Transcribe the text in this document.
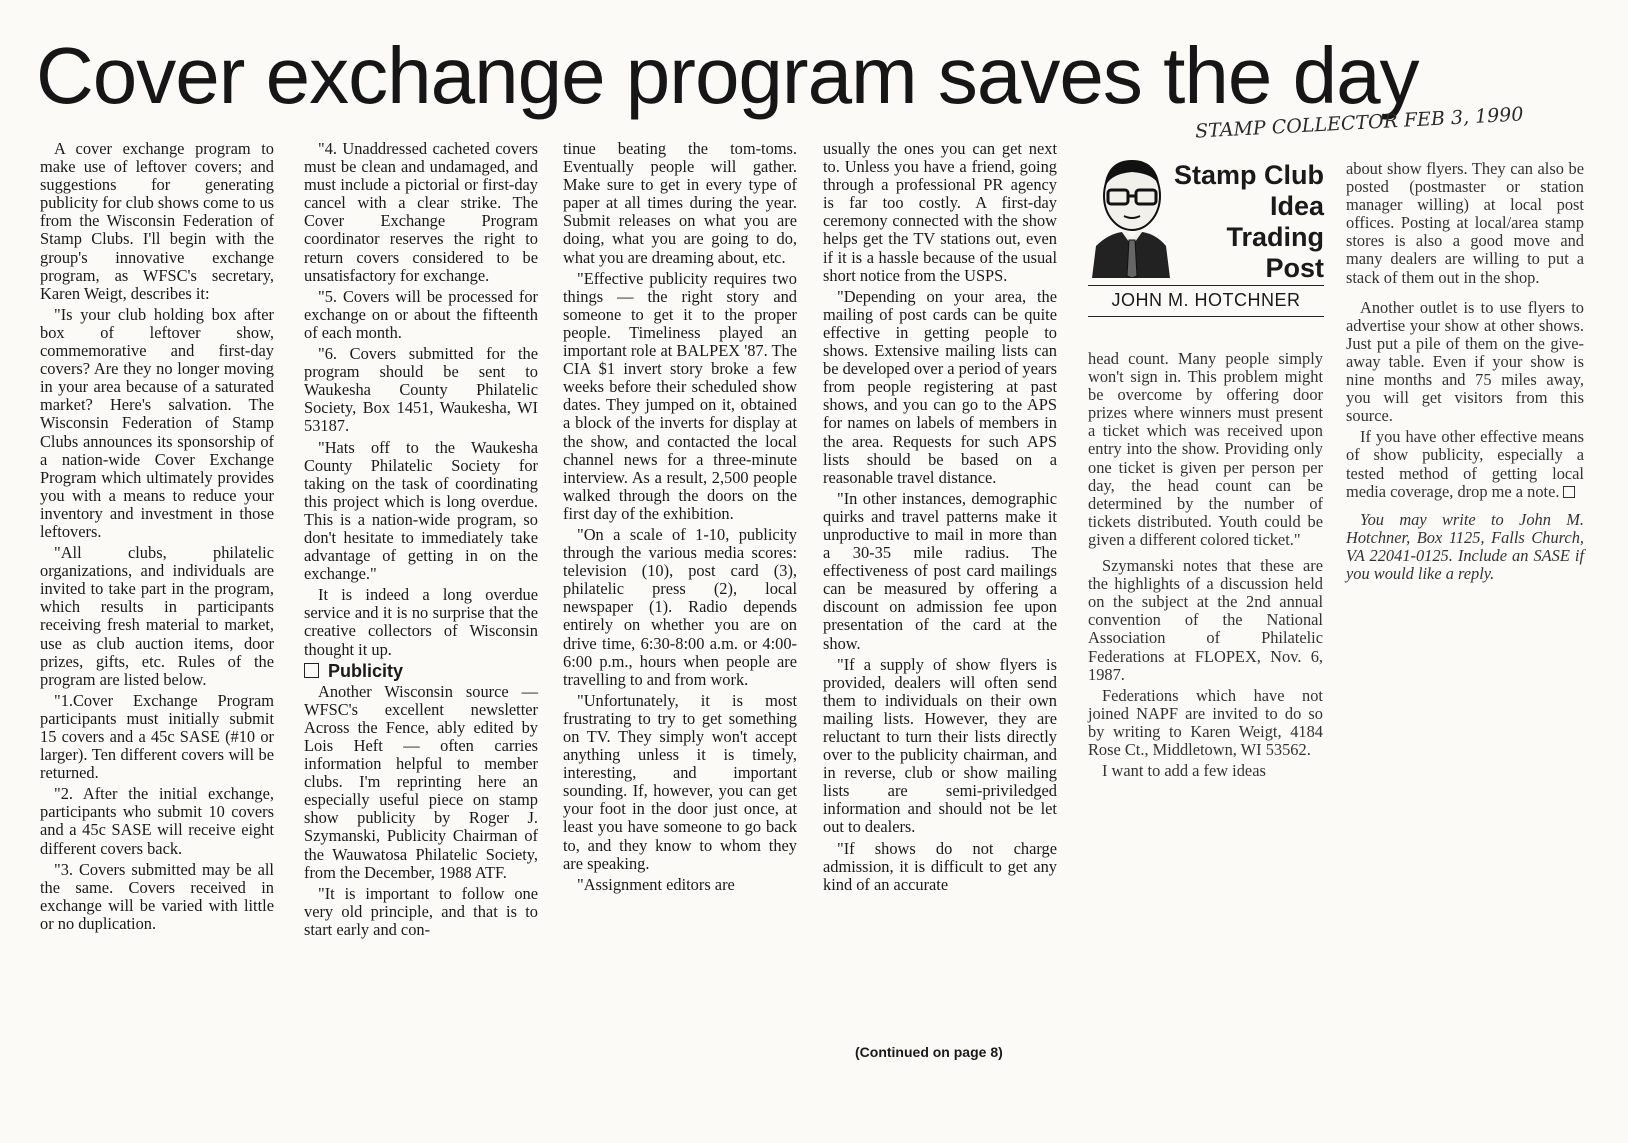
Cover exchange program saves the day
STAMP COLLECTOR FEB 3, 1990

A cover exchange program to make use of leftover covers; and suggestions for generating publicity for club shows come to us from the Wisconsin Federation of Stamp Clubs. I'll begin with the group's innovative exchange program, as WFSC's secretary, Karen Weigt, describes it:

"Is your club holding box after box of leftover show, commemorative and first-day covers? Are they no longer moving in your area because of a saturated market? Here's salvation. The Wisconsin Federation of Stamp Clubs announces its sponsorship of a nation-wide Cover Exchange Program which ultimately provides you with a means to reduce your inventory and investment in those leftovers.

"All clubs, philatelic organizations, and individuals are invited to take part in the program, which results in participants receiving fresh material to market, use as club auction items, door prizes, gifts, etc. Rules of the program are listed below.

"1.Cover Exchange Program participants must initially submit 15 covers and a 45c SASE (#10 or larger). Ten different covers will be returned.

"2. After the initial exchange, participants who submit 10 covers and a 45c SASE will receive eight different covers back.

"3. Covers submitted may be all the same. Covers received in exchange will be varied with little or no duplication.

"4. Unaddressed cacheted covers must be clean and undamaged, and must include a pictorial or first-day cancel with a clear strike. The Cover Exchange Program coordinator reserves the right to return covers considered to be unsatisfactory for exchange.

"5. Covers will be processed for exchange on or about the fifteenth of each month.

"6. Covers submitted for the program should be sent to Waukesha County Philatelic Society, Box 1451, Waukesha, WI 53187.

"Hats off to the Waukesha County Philatelic Society for taking on the task of coordinating this project which is long overdue. This is a nation-wide program, so don't hesitate to immediately take advantage of getting in on the exchange."

It is indeed a long overdue service and it is no surprise that the creative collectors of Wisconsin thought it up.

Publicity

Another Wisconsin source — WFSC's excellent newsletter Across the Fence, ably edited by Lois Heft — often carries information helpful to member clubs. I'm reprinting here an especially useful piece on stamp show publicity by Roger J. Szymanski, Publicity Chairman of the Wauwatosa Philatelic Society, from the December, 1988 ATF.

"It is important to follow one very old principle, and that is to start early and con-

tinue beating the tom-toms. Eventually people will gather. Make sure to get in every type of paper at all times during the year. Submit releases on what you are doing, what you are going to do, what you are dreaming about, etc.

"Effective publicity requires two things — the right story and someone to get it to the proper people. Timeliness played an important role at BALPEX '87. The CIA $1 invert story broke a few weeks before their scheduled show dates. They jumped on it, obtained a block of the inverts for display at the show, and contacted the local channel news for a three-minute interview. As a result, 2,500 people walked through the doors on the first day of the exhibition.

"On a scale of 1-10, publicity through the various media scores: television (10), post card (3), philatelic press (2), local newspaper (1). Radio depends entirely on whether you are on drive time, 6:30-8:00 a.m. or 4:00-6:00 p.m., hours when people are travelling to and from work.

"Unfortunately, it is most frustrating to try to get something on TV. They simply won't accept anything unless it is timely, interesting, and important sounding. If, however, you can get your foot in the door just once, at least you have someone to go back to, and they know to whom they are speaking.

"Assignment editors are

usually the ones you can get next to. Unless you have a friend, going through a professional PR agency is far too costly. A first-day ceremony connected with the show helps get the TV stations out, even if it is a hassle because of the usual short notice from the USPS.

"Depending on your area, the mailing of post cards can be quite effective in getting people to shows. Extensive mailing lists can be developed over a period of years from people registering at past shows, and you can go to the APS for names on labels of members in the area. Requests for such APS lists should be based on a reasonable travel distance.

"In other instances, demographic quirks and travel patterns make it unproductive to mail in more than a 30-35 mile radius. The effectiveness of post card mailings can be measured by offering a discount on admission fee upon presentation of the card at the show.

"If a supply of show flyers is provided, dealers will often send them to individuals on their own mailing lists. However, they are reluctant to turn their lists directly over to the publicity chairman, and in reverse, club or show mailing lists are semi-priviledged information and should not be let out to dealers.

"If shows do not charge admission, it is difficult to get any kind of an accurate

(Continued on page 8)
Stamp Club
Idea
Trading
Post
JOHN M. HOTCHNER

head count. Many people simply won't sign in. This problem might be overcome by offering door prizes where winners must present a ticket which was received upon entry into the show. Providing only one ticket is given per person per day, the head count can be determined by the number of tickets distributed. Youth could be given a different colored ticket."

Szymanski notes that these are the highlights of a discussion held on the subject at the 2nd annual convention of the National Association of Philatelic Federations at FLOPEX, Nov. 6, 1987.

Federations which have not joined NAPF are invited to do so by writing to Karen Weigt, 4184 Rose Ct., Middletown, WI 53562.

I want to add a few ideas

about show flyers. They can also be posted (postmaster or station manager willing) at local post offices. Posting at local/area stamp stores is also a good move and many dealers are willing to put a stack of them out in the shop.

Another outlet is to use flyers to advertise your show at other shows. Just put a pile of them on the give-away table. Even if your show is nine months and 75 miles away, you will get visitors from this source.

If you have other effective means of show publicity, especially a tested method of getting local media coverage, drop me a note.

You may write to John M. Hotchner, Box 1125, Falls Church, VA 22041-0125. Include an SASE if you would like a reply.
